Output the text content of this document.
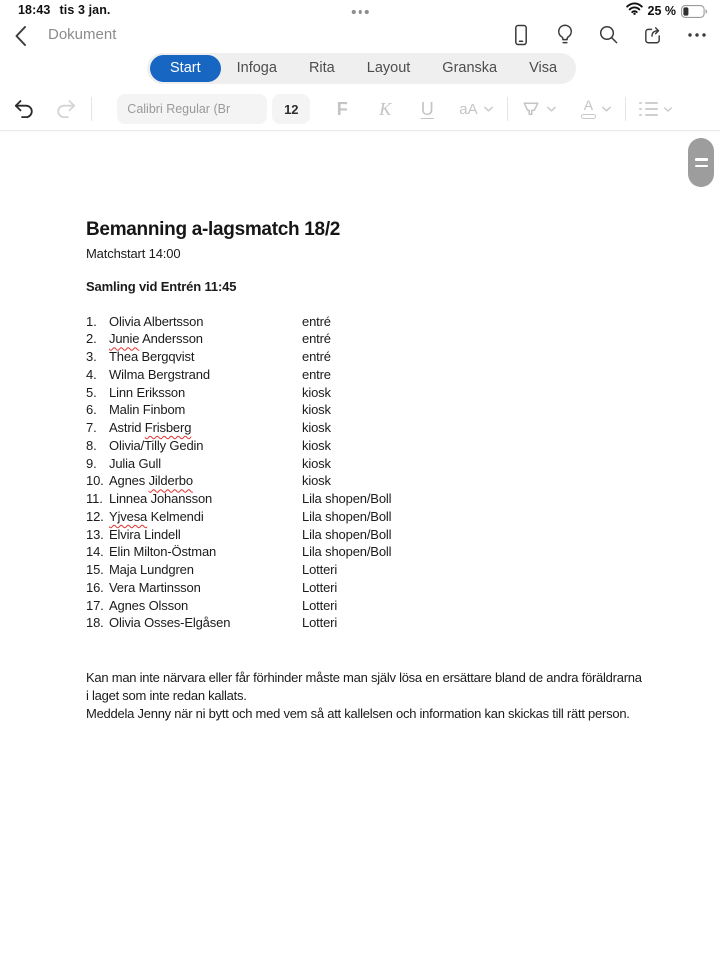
18:43 tis 3 jan.	25 %
Dokument
Start	Infoga	Rita	Layout	Granska	Visa
Calibri Regular (Br	12 F K U aA	A
Bemanning a-lagsmatch 18/2
Matchstart 14:00
Samling vid Entrén 11:45
1. Olivia Albertsson	entré
2. Junie Andersson	entré
3. Thea Bergqvist	entré
4. Wilma Bergstrand	entre
5. Linn Eriksson	kiosk
6. Malin Finbom	kiosk
7. Astrid Frisberg	kiosk
8. Olivia/Tilly Gedin	kiosk
9. Julia Gull	kiosk
10. Agnes Jilderbo	kiosk
11. Linnea Johansson	Lila shopen/Boll
12. Yjvesa Kelmendi	Lila shopen/Boll
13. Elvira Lindell	Lila shopen/Boll
14. Elin Milton-Östman	Lila shopen/Boll
15. Maja Lundgren	Lotteri
16. Vera Martinsson	Lotteri
17. Agnes Olsson	Lotteri
18. Olivia Osses-Elgåsen	Lotteri

Kan man inte närvara eller får förhinder måste man själv lösa en ersättare bland de andra föräldrarna i laget som inte redan kallats.

Meddela Jenny när ni bytt och med vem så att kallelsen och information kan skickas till rätt person.
